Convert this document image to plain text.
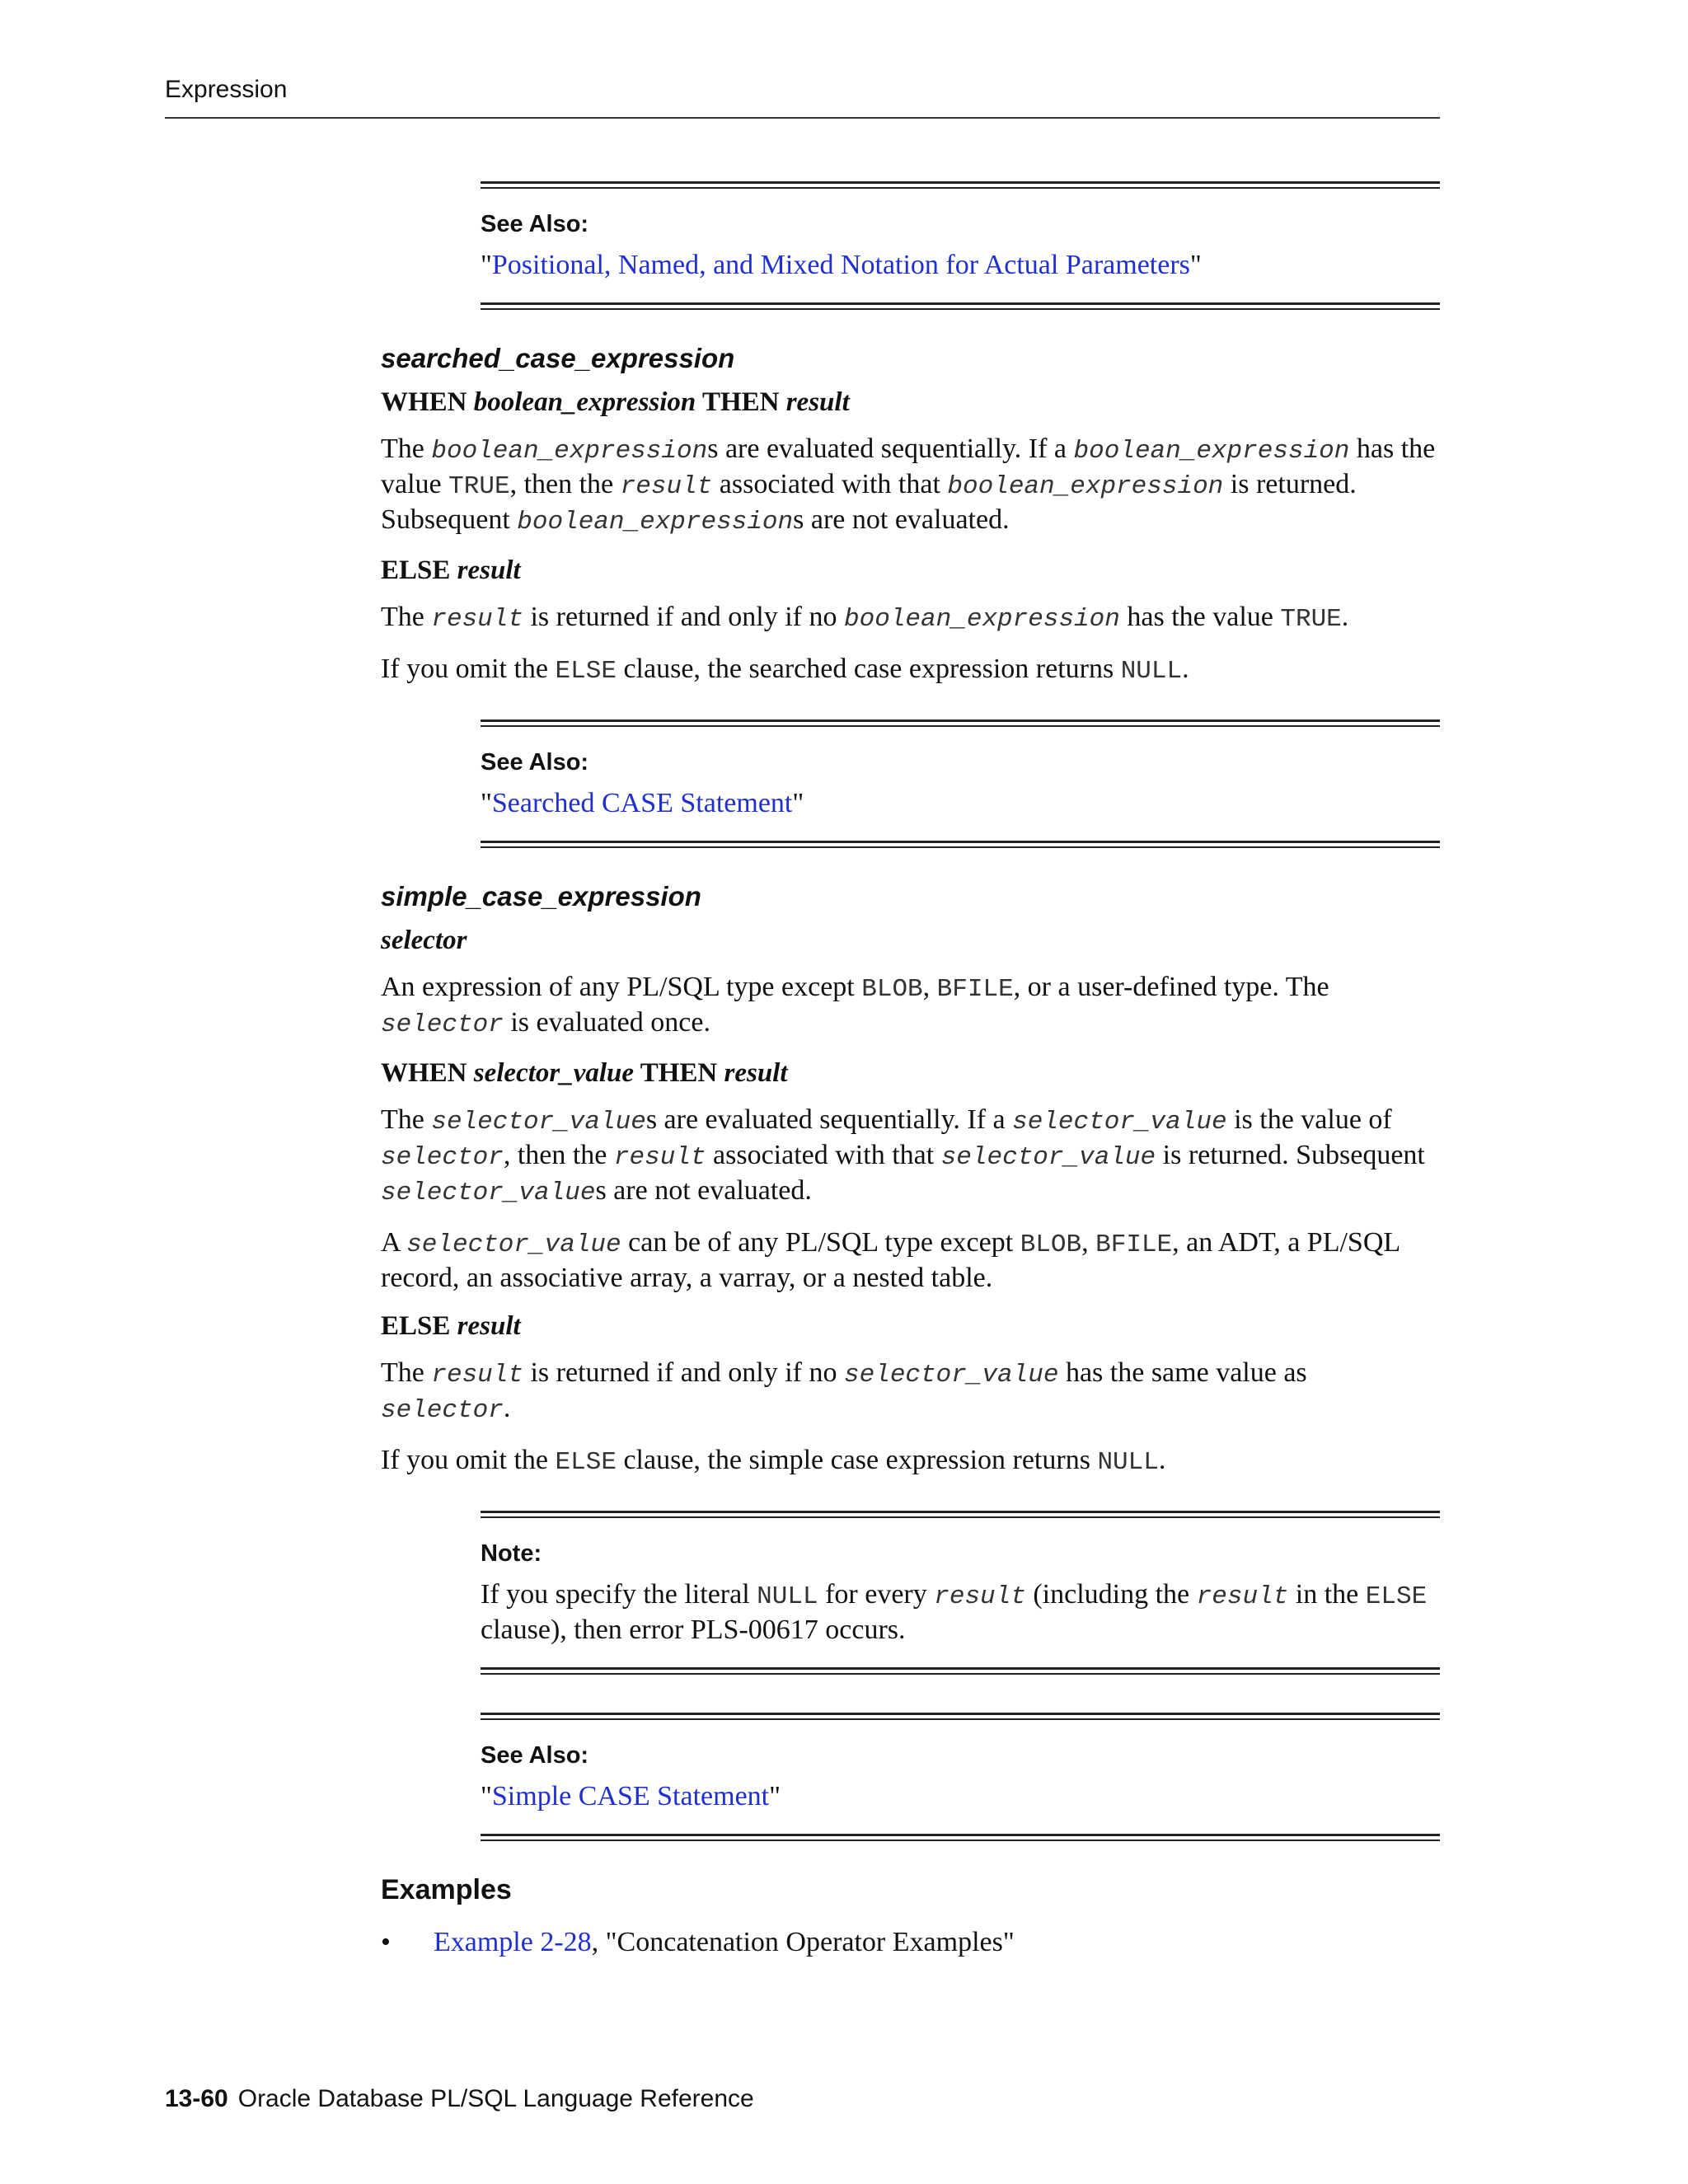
Expression
See Also:
"Positional, Named, and Mixed Notation for Actual Parameters"
searched_case_expression
WHEN boolean_expression THEN result
The boolean_expressions are evaluated sequentially. If a boolean_expression has the value TRUE, then the result associated with that boolean_expression is returned. Subsequent boolean_expressions are not evaluated.
ELSE result
The result is returned if and only if no boolean_expression has the value TRUE.
If you omit the ELSE clause, the searched case expression returns NULL.
See Also:
"Searched CASE Statement"
simple_case_expression
selector
An expression of any PL/SQL type except BLOB, BFILE, or a user-defined type. The selector is evaluated once.
WHEN selector_value THEN result
The selector_values are evaluated sequentially. If a selector_value is the value of selector, then the result associated with that selector_value is returned. Subsequent selector_values are not evaluated.
A selector_value can be of any PL/SQL type except BLOB, BFILE, an ADT, a PL/SQL record, an associative array, a varray, or a nested table.
ELSE result
The result is returned if and only if no selector_value has the same value as selector.
If you omit the ELSE clause, the simple case expression returns NULL.
Note:
If you specify the literal NULL for every result (including the result in the ELSE clause), then error PLS-00617 occurs.
See Also:
"Simple CASE Statement"
Examples
• Example 2-28, "Concatenation Operator Examples"
13-60 Oracle Database PL/SQL Language Reference
